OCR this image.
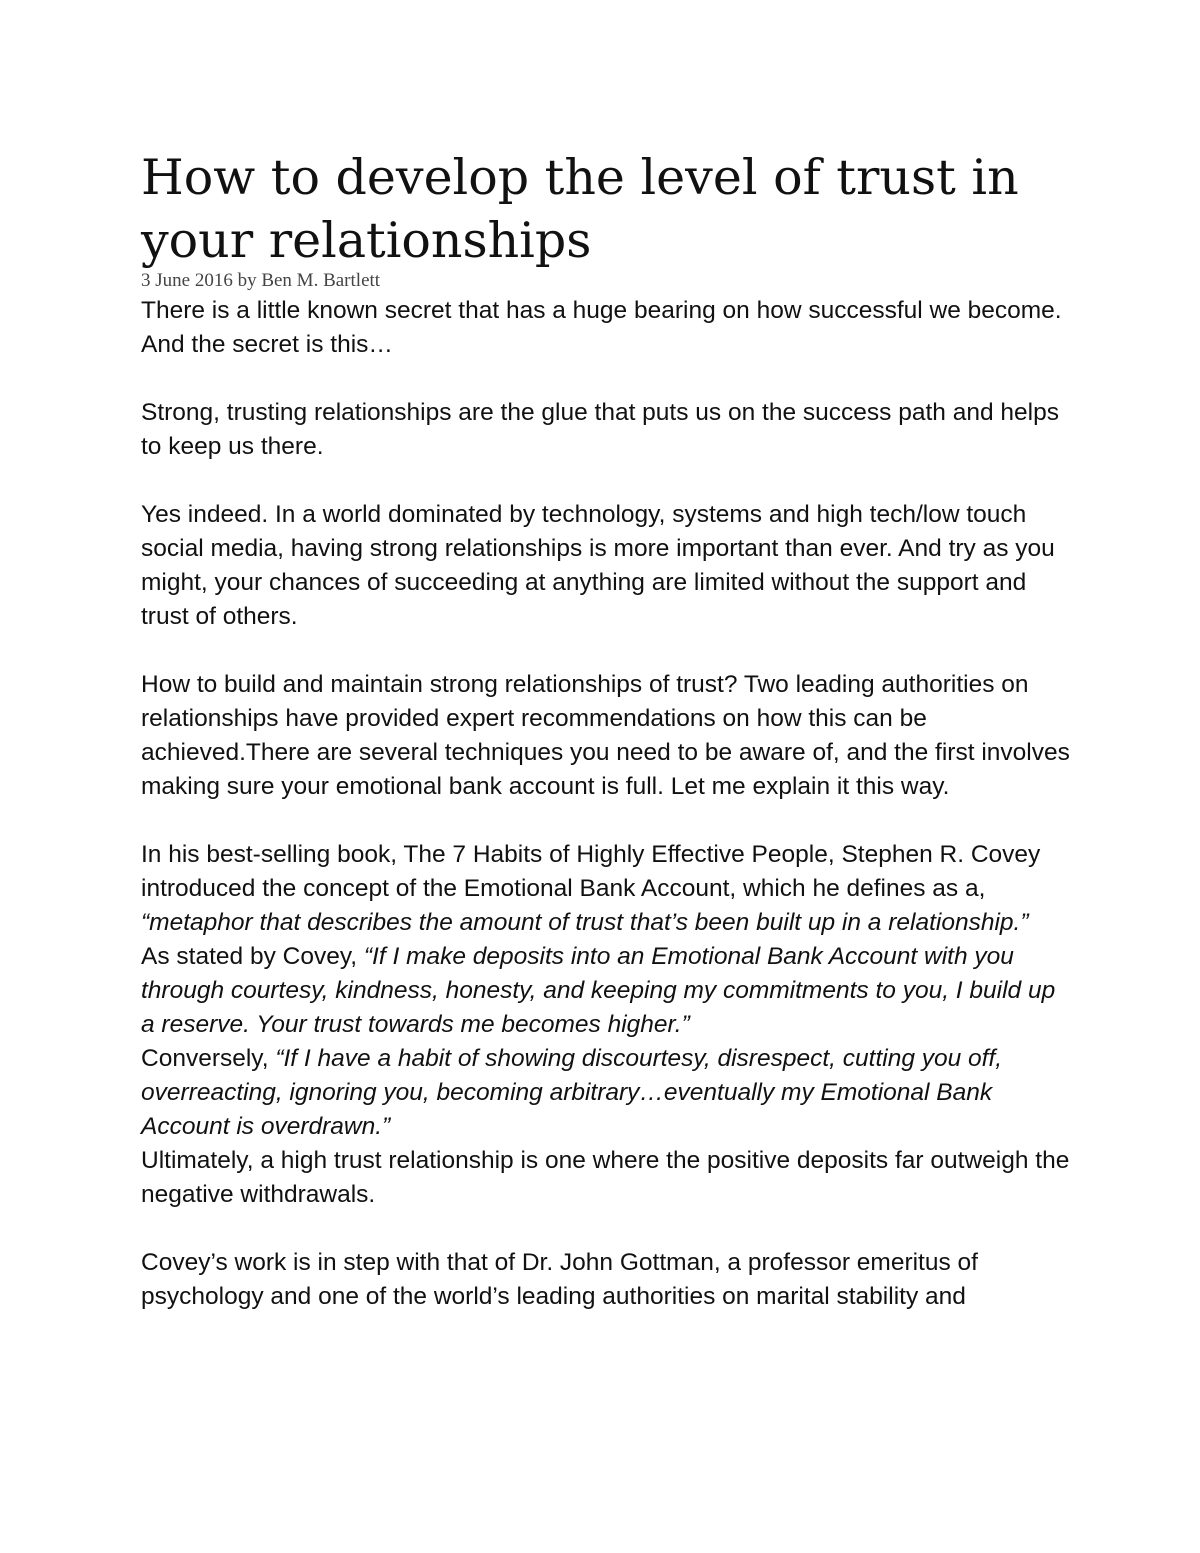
How to develop the level of trust in your relationships
3 June 2016 by Ben M. Bartlett

There is a little known secret that has a huge bearing on how successful we become. And the secret is this…

Strong, trusting relationships are the glue that puts us on the success path and helps to keep us there.

Yes indeed. In a world dominated by technology, systems and high tech/low touch social media, having strong relationships is more important than ever. And try as you might, your chances of succeeding at anything are limited without the support and trust of others.

How to build and maintain strong relationships of trust? Two leading authorities on relationships have provided expert recommendations on how this can be achieved.There are several techniques you need to be aware of, and the first involves making sure your emotional bank account is full. Let me explain it this way.

In his best-selling book, The 7 Habits of Highly Effective People, Stephen R. Covey introduced the concept of the Emotional Bank Account, which he defines as a, “metaphor that describes the amount of trust that’s been built up in a relationship.”

As stated by Covey, “If I make deposits into an Emotional Bank Account with you through courtesy, kindness, honesty, and keeping my commitments to you, I build up a reserve. Your trust towards me becomes higher.”

Conversely, “If I have a habit of showing discourtesy, disrespect, cutting you off, overreacting, ignoring you, becoming arbitrary…eventually my Emotional Bank Account is overdrawn.”

Ultimately, a high trust relationship is one where the positive deposits far outweigh the negative withdrawals.

Covey’s work is in step with that of Dr. John Gottman, a professor emeritus of psychology and one of the world’s leading authorities on marital stability and
